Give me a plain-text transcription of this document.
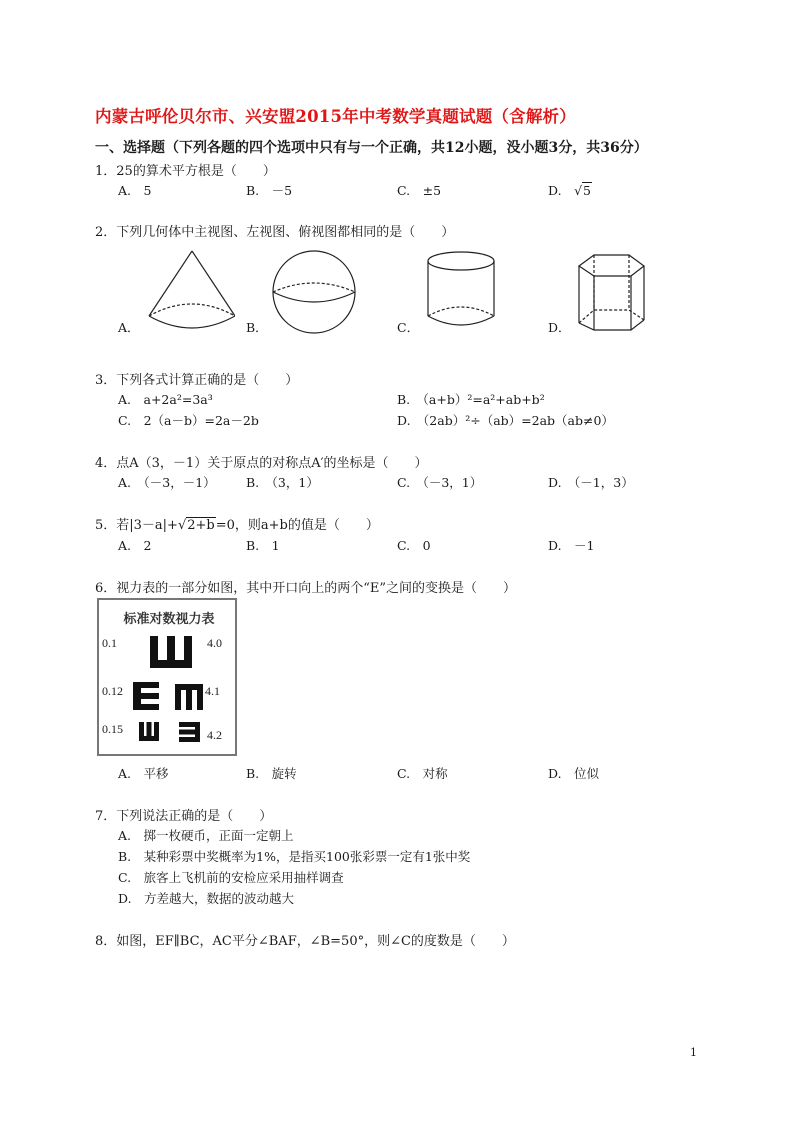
内蒙古呼伦贝尔市、兴安盟2015年中考数学真题试题（含解析）
一、选择题（下列各题的四个选项中只有与一个正确，共12小题，没小题3分，共36分）
1．25的算术平方根是（　　）
A.　5	B.　－5	C.　±5	D.　√5
2．下列几何体中主视图、左视图、俯视图都相同的是（　　）
A．	B．	C．	D．
3．下列各式计算正确的是（　　）
A.　a+2a²=3a³	B.　（a+b）²=a²+ab+b²
C.　2（a－b）=2a－2b	D.　（2ab）²÷（ab）=2ab（ab≠0）
4．点A（3，－1）关于原点的对称点A′的坐标是（　　）
A.　（－3，－1） B.　（3，1）	C.　（－3，1）	D.　（－1，3）
5．若|3－a|+√2+b=0，则a+b的值是（　　）
A.　2	B.　1	C.　0	D.　－1
6．视力表的一部分如图，其中开口向上的两个“E”之间的变换是（　　）
标准对数视力表
0.1	4.0
0.12	4.1
0.15	4.2
A.　平移	B.　旋转	C.　对称	D.　位似
7．下列说法正确的是（　　）
A.　掷一枚硬币，正面一定朝上
B.　某种彩票中奖概率为1%，是指买100张彩票一定有1张中奖
C.　旅客上飞机前的安检应采用抽样调查
D.　方差越大，数据的波动越大
8．如图，EF∥BC，AC平分∠BAF，∠B=50°，则∠C的度数是（　　）
1
